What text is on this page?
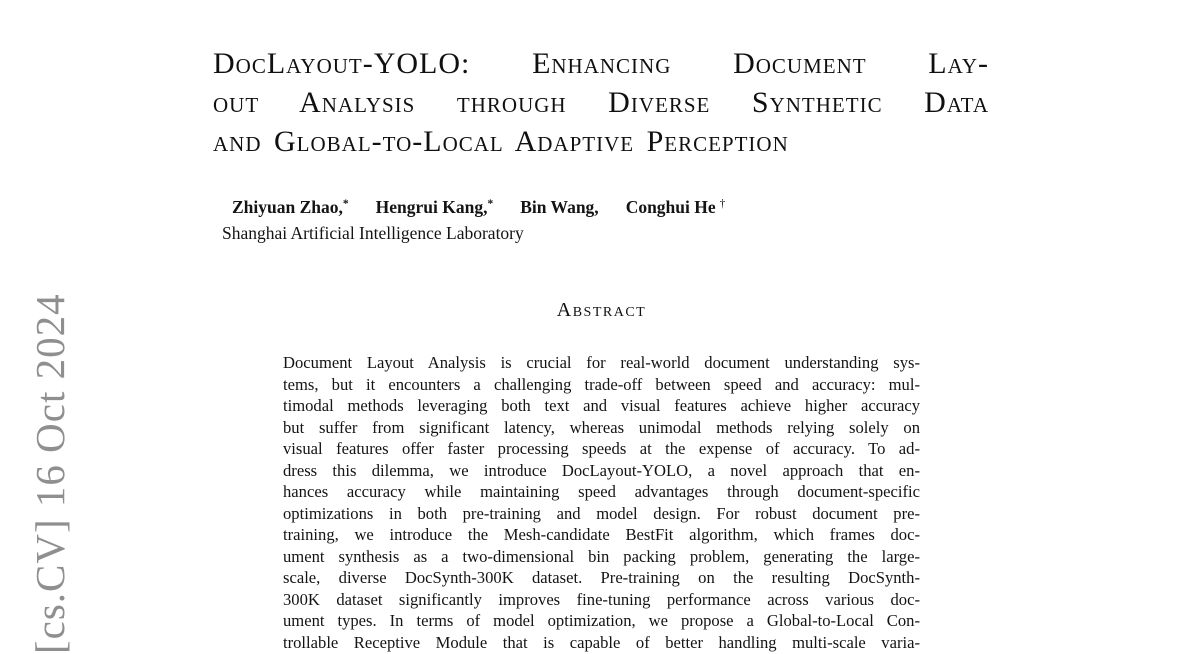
[cs.CV] 16 Oct 2024
DocLayout-YOLO: Enhancing Document Lay-
out Analysis through Diverse Synthetic Data
and Global-to-Local Adaptive Perception
Zhiyuan Zhao,* Hengrui Kang,* Bin Wang, Conghui He †
Shanghai Artificial Intelligence Laboratory
Abstract
Document Layout Analysis is crucial for real-world document understanding sys-
tems, but it encounters a challenging trade-off between speed and accuracy: mul-
timodal methods leveraging both text and visual features achieve higher accuracy
but suffer from significant latency, whereas unimodal methods relying solely on
visual features offer faster processing speeds at the expense of accuracy. To ad-
dress this dilemma, we introduce DocLayout-YOLO, a novel approach that en-
hances accuracy while maintaining speed advantages through document-specific
optimizations in both pre-training and model design. For robust document pre-
training, we introduce the Mesh-candidate BestFit algorithm, which frames doc-
ument synthesis as a two-dimensional bin packing problem, generating the large-
scale, diverse DocSynth-300K dataset. Pre-training on the resulting DocSynth-
300K dataset significantly improves fine-tuning performance across various doc-
ument types. In terms of model optimization, we propose a Global-to-Local Con-
trollable Receptive Module that is capable of better handling multi-scale varia-
